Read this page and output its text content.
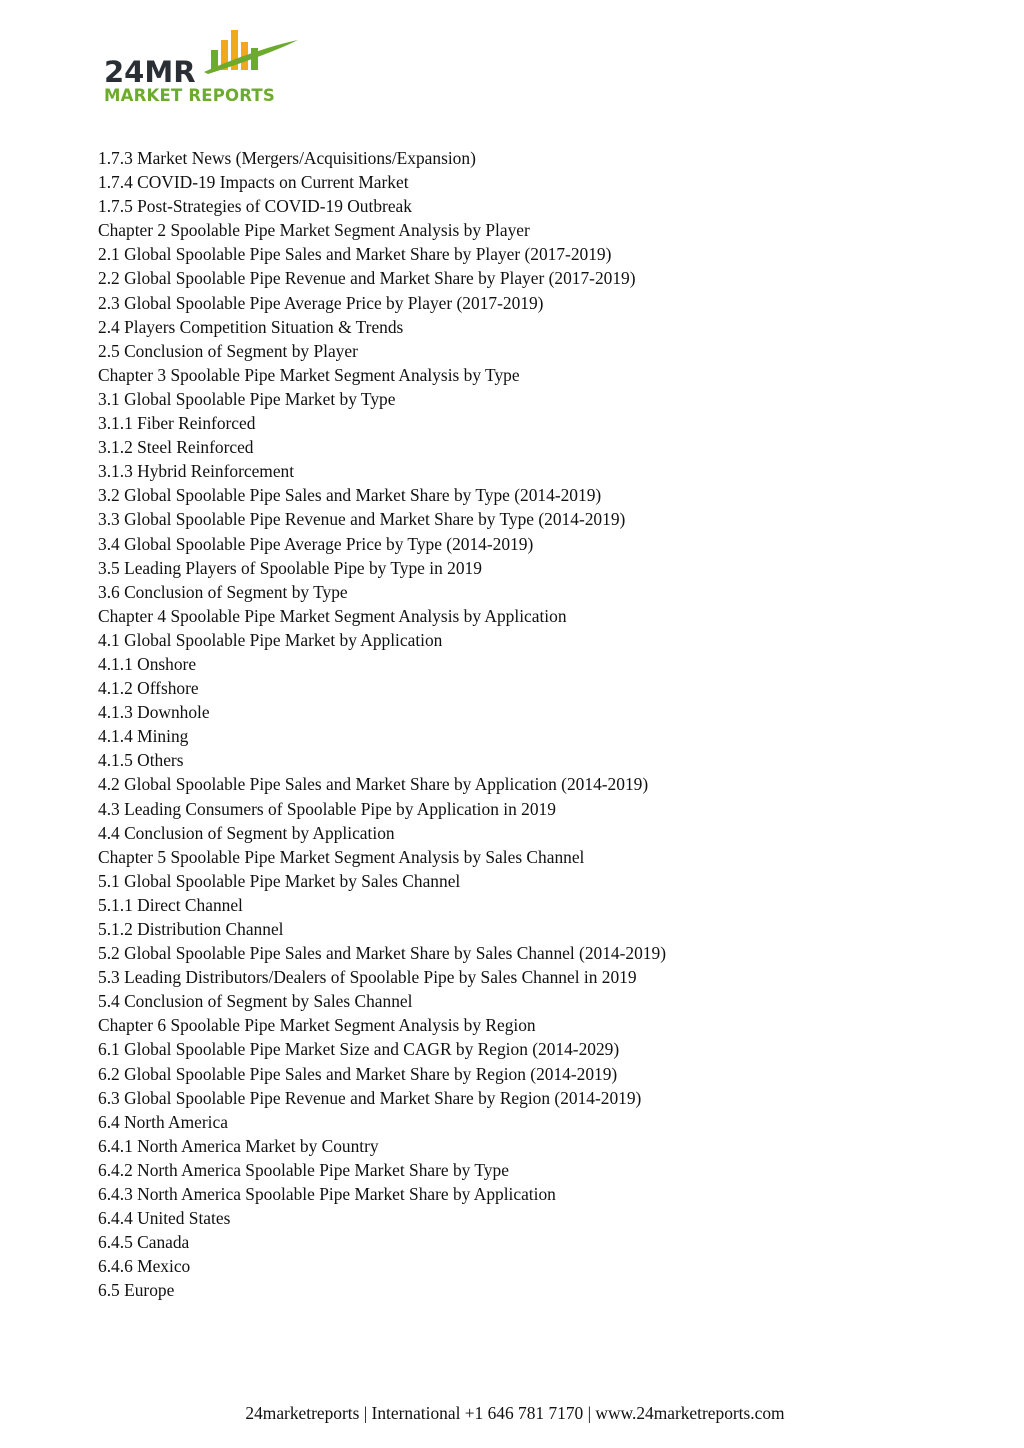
24MR
MARKET REPORTS
1.7.3 Market News (Mergers/Acquisitions/Expansion)
1.7.4 COVID-19 Impacts on Current Market
1.7.5 Post-Strategies of COVID-19 Outbreak
Chapter 2 Spoolable Pipe Market Segment Analysis by Player
2.1 Global Spoolable Pipe Sales and Market Share by Player (2017-2019)
2.2 Global Spoolable Pipe Revenue and Market Share by Player (2017-2019)
2.3 Global Spoolable Pipe Average Price by Player (2017-2019)
2.4 Players Competition Situation & Trends
2.5 Conclusion of Segment by Player
Chapter 3 Spoolable Pipe Market Segment Analysis by Type
3.1 Global Spoolable Pipe Market by Type
3.1.1 Fiber Reinforced
3.1.2 Steel Reinforced
3.1.3 Hybrid Reinforcement
3.2 Global Spoolable Pipe Sales and Market Share by Type (2014-2019)
3.3 Global Spoolable Pipe Revenue and Market Share by Type (2014-2019)
3.4 Global Spoolable Pipe Average Price by Type (2014-2019)
3.5 Leading Players of Spoolable Pipe by Type in 2019
3.6 Conclusion of Segment by Type
Chapter 4 Spoolable Pipe Market Segment Analysis by Application
4.1 Global Spoolable Pipe Market by Application
4.1.1 Onshore
4.1.2 Offshore
4.1.3 Downhole
4.1.4 Mining
4.1.5 Others
4.2 Global Spoolable Pipe Sales and Market Share by Application (2014-2019)
4.3 Leading Consumers of Spoolable Pipe by Application in 2019
4.4 Conclusion of Segment by Application
Chapter 5 Spoolable Pipe Market Segment Analysis by Sales Channel
5.1 Global Spoolable Pipe Market by Sales Channel
5.1.1 Direct Channel
5.1.2 Distribution Channel
5.2 Global Spoolable Pipe Sales and Market Share by Sales Channel (2014-2019)
5.3 Leading Distributors/Dealers of Spoolable Pipe by Sales Channel in 2019
5.4 Conclusion of Segment by Sales Channel
Chapter 6 Spoolable Pipe Market Segment Analysis by Region
6.1 Global Spoolable Pipe Market Size and CAGR by Region (2014-2029)
6.2 Global Spoolable Pipe Sales and Market Share by Region (2014-2019)
6.3 Global Spoolable Pipe Revenue and Market Share by Region (2014-2019)
6.4 North America
6.4.1 North America Market by Country
6.4.2 North America Spoolable Pipe Market Share by Type
6.4.3 North America Spoolable Pipe Market Share by Application
6.4.4 United States
6.4.5 Canada
6.4.6 Mexico
6.5 Europe
24marketreports | International +1 646 781 7170 | www.24marketreports.com
